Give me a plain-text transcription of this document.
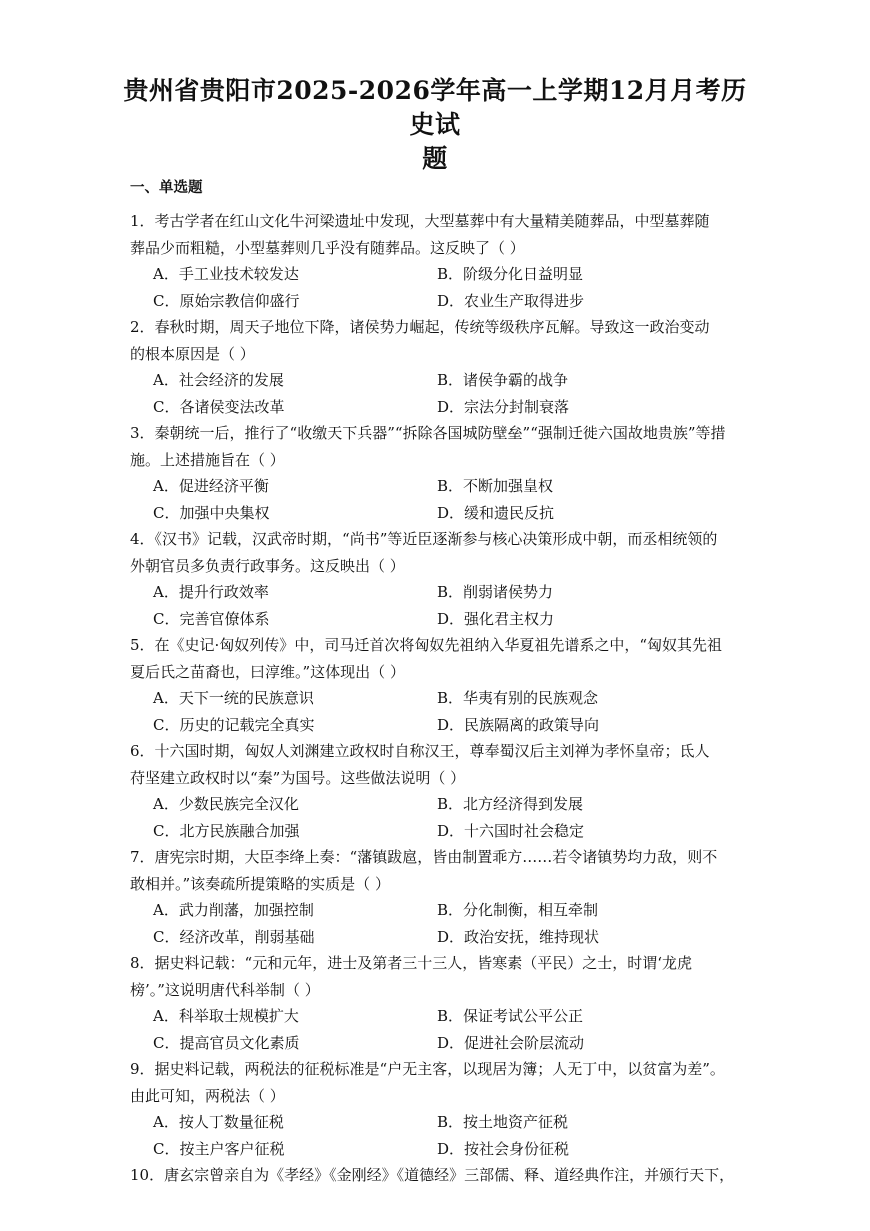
贵州省贵阳市2025-2026学年高一上学期12月月考历史试
题
一、单选题
1．考古学者在红山文化牛河梁遗址中发现，大型墓葬中有大量精美随葬品，中型墓葬随
葬品少而粗糙，小型墓葬则几乎没有随葬品。这反映了（ ）
A．手工业技术较发达	B．阶级分化日益明显
C．原始宗教信仰盛行	D．农业生产取得进步
2．春秋时期，周天子地位下降，诸侯势力崛起，传统等级秩序瓦解。导致这一政治变动
的根本原因是（ ）
A．社会经济的发展	B．诸侯争霸的战争
C．各诸侯变法改革	D．宗法分封制衰落
3．秦朝统一后，推行了“收缴天下兵器”“拆除各国城防壁垒”“强制迁徙六国故地贵族”等措
施。上述措施旨在（ ）
A．促进经济平衡	B．不断加强皇权
C．加强中央集权	D．缓和遗民反抗
4．《汉书》记载，汉武帝时期，“尚书”等近臣逐渐参与核心决策形成中朝，而丞相统领的
外朝官员多负责行政事务。这反映出（ ）
A．提升行政效率	B．削弱诸侯势力
C．完善官僚体系	D．强化君主权力
5．在《史记·匈奴列传》中，司马迁首次将匈奴先祖纳入华夏祖先谱系之中，“匈奴其先祖
夏后氏之苗裔也，曰淳维。”这体现出（ ）
A．天下一统的民族意识	B．华夷有别的民族观念
C．历史的记载完全真实	D．民族隔离的政策导向
6．十六国时期，匈奴人刘渊建立政权时自称汉王，尊奉蜀汉后主刘禅为孝怀皇帝；氐人
苻坚建立政权时以“秦”为国号。这些做法说明（ ）
A．少数民族完全汉化	B．北方经济得到发展
C．北方民族融合加强	D．十六国时社会稳定
7．唐宪宗时期，大臣李绛上奏：“藩镇跋扈，皆由制置乖方……若令诸镇势均力敌，则不
敢相并。”该奏疏所提策略的实质是（ ）
A．武力削藩，加强控制	B．分化制衡，相互牵制
C．经济改革，削弱基础	D．政治安抚，维持现状
8．据史料记载：“元和元年，进士及第者三十三人，皆寒素（平民）之士，时谓‘龙虎
榜’。”这说明唐代科举制（ ）
A．科举取士规模扩大	B．保证考试公平公正
C．提高官员文化素质	D．促进社会阶层流动
9．据史料记载，两税法的征税标准是“户无主客，以现居为簿；人无丁中，以贫富为差”。
由此可知，两税法（ ）
A．按人丁数量征税	B．按土地资产征税
C．按主户客户征税	D．按社会身份征税
10．唐玄宗曾亲自为《孝经》《金刚经》《道德经》三部儒、释、道经典作注，并颁行天下，
